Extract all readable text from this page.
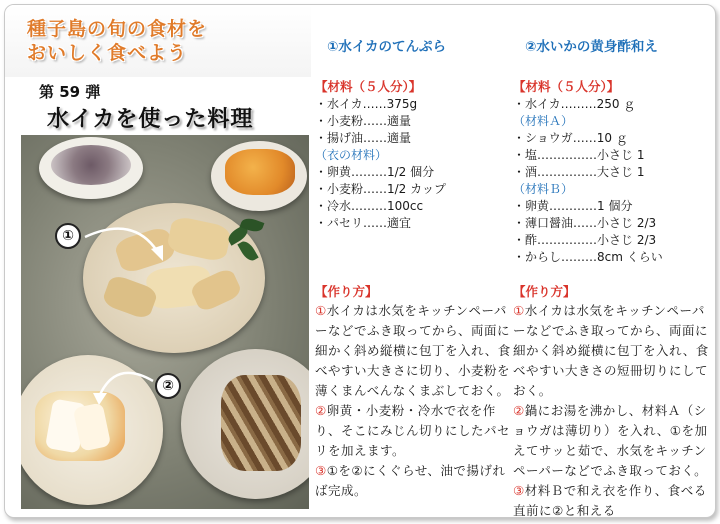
種子島の旬の食材を
おいしく食べよう
第 59 弾
水イカを使った料理
①
②
①水イカのてんぷら
【材料（５人分）】
・水イカ……375g
・小麦粉……適量
・揚げ油……適量
（衣の材料）
・卵黄………1/2 個分
・小麦粉……1/2 カップ
・冷水………100cc
・パセリ……適宜
【作り方】
①水イカは水気をキッチンペーパーなどでふき取ってから、両面に細かく斜め縦横に包丁を入れ、食べやすい大きさに切り、小麦粉を薄くまんべんなくまぶしておく。
②卵黄・小麦粉・冷水で衣を作り、そこにみじん切りにしたパセリを加えます。
③①を②にくぐらせ、油で揚げれば完成。
②水いかの黄身酢和え
【材料（５人分）】
・水イカ………250 ｇ
（材料Ａ）
・ショウガ……10 ｇ
・塩……………小さじ 1
・酒……………大さじ 1
（材料Ｂ）
・卵黄…………1 個分
・薄口醤油……小さじ 2/3
・酢……………小さじ 2/3
・からし………8cm くらい
【作り方】
①水イカは水気をキッチンペーパーなどでふき取ってから、両面に細かく斜め縦横に包丁を入れ、食べやすい大きさの短冊切りにしておく。
②鍋にお湯を沸かし、材料Ａ（ショウガは薄切り）を入れ、①を加えてサッと茹で、水気をキッチンペーパーなどでふき取っておく。
③材料Ｂで和え衣を作り、食べる直前に②と和える
